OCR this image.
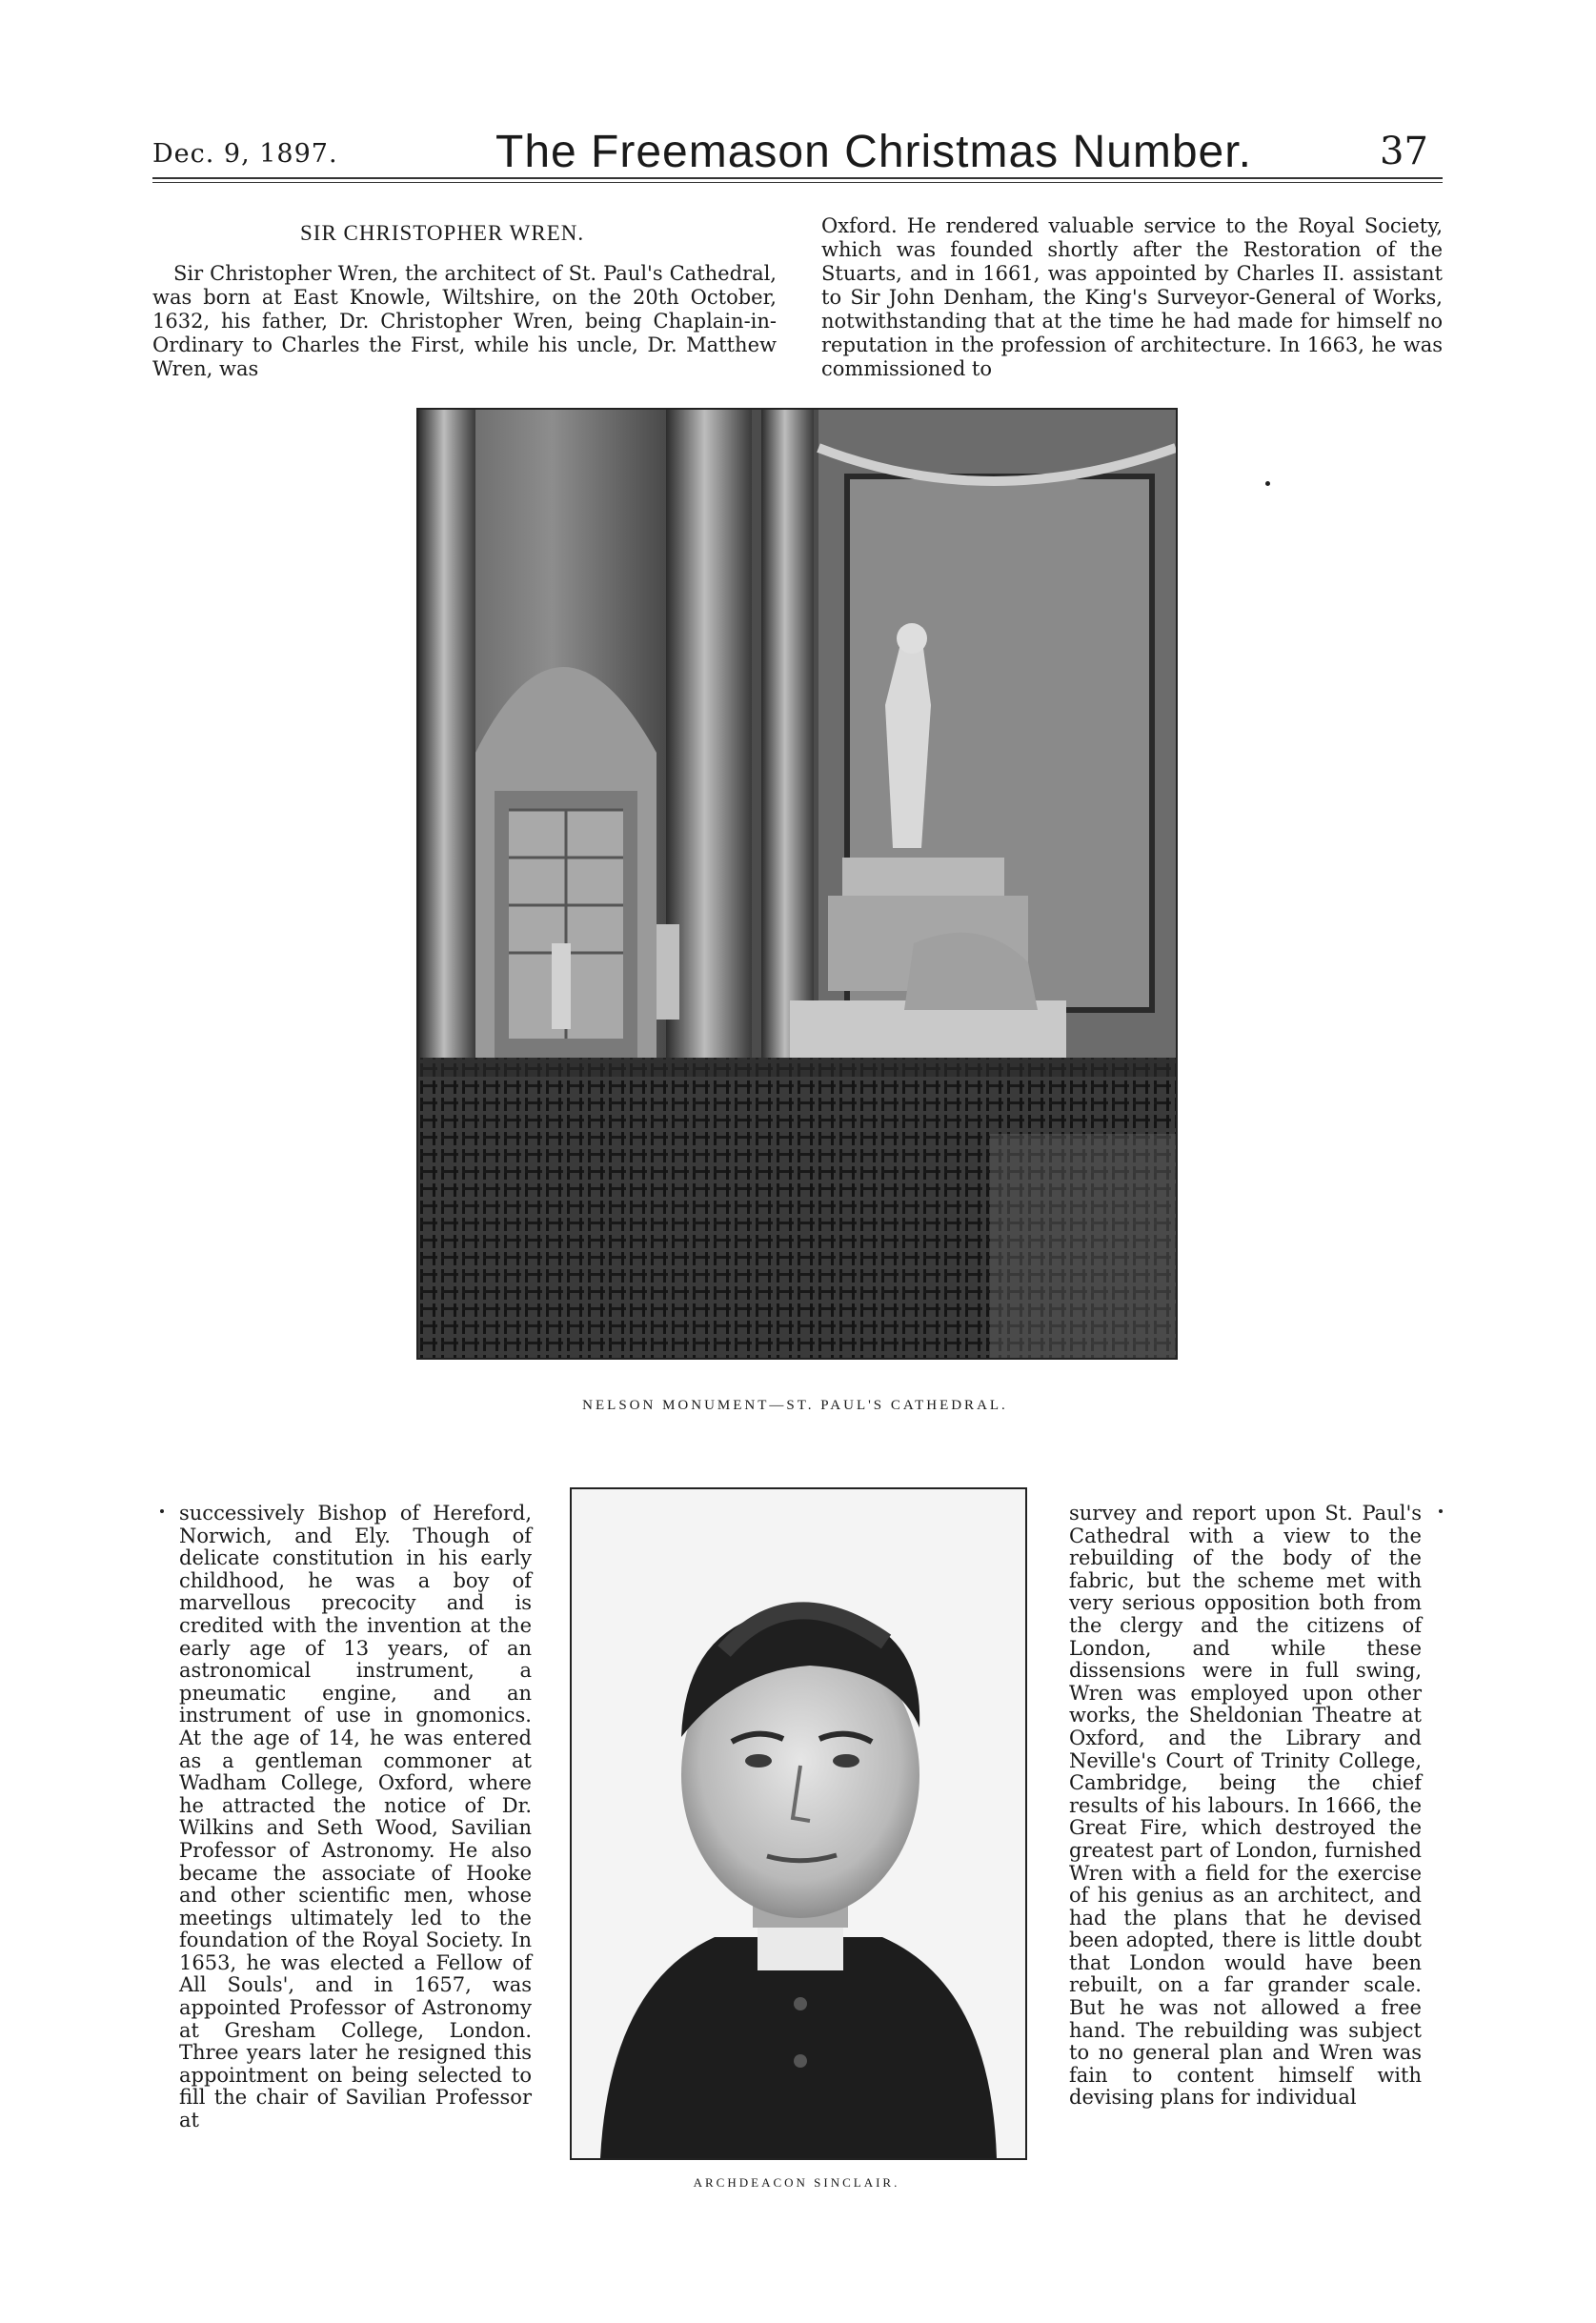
Dec. 9, 1897.	The Freemason Christmas Number.	37
SIR CHRISTOPHER WREN.

Sir Christopher Wren, the architect of St. Paul's Cathedral, was born at East Knowle, Wiltshire, on the 20th October, 1632, his father, Dr. Christopher Wren, being Chaplain-in-Ordinary to Charles the First, while his uncle, Dr. Matthew Wren, was

Oxford. He rendered valuable service to the Royal Society, which was founded shortly after the Restoration of the Stuarts, and in 1661, was appointed by Charles II. assistant to Sir John Denham, the King's Surveyor-General of Works, notwithstanding that at the time he had made for himself no reputation in the profession of architecture. In 1663, he was commissioned to

NELSON MONUMENT—ST. PAUL'S CATHEDRAL.

successively Bishop of Hereford, Norwich, and Ely. Though of delicate constitution in his early childhood, he was a boy of marvellous precocity and is credited with the invention at the early age of 13 years, of an astronomical instrument, a pneumatic engine, and an instrument of use in gnomonics. At the age of 14, he was entered as a gentleman commoner at Wadham College, Oxford, where he attracted the notice of Dr. Wilkins and Seth Wood, Savilian Professor of Astronomy. He also became the associate of Hooke and other scientific men, whose meetings ultimately led to the foundation of the Royal Society. In 1653, he was elected a Fellow of All Souls', and in 1657, was appointed Professor of Astronomy at Gresham College, London. Three years later he resigned this appointment on being selected to fill the chair of Savilian Professor at

ARCHDEACON SINCLAIR.

survey and report upon St. Paul's Cathedral with a view to the rebuilding of the body of the fabric, but the scheme met with very serious opposition both from the clergy and the citizens of London, and while these dissensions were in full swing, Wren was employed upon other works, the Sheldonian Theatre at Oxford, and the Library and Neville's Court of Trinity College, Cambridge, being the chief results of his labours. In 1666, the Great Fire, which destroyed the greatest part of London, furnished Wren with a field for the exercise of his genius as an architect, and had the plans that he devised been adopted, there is little doubt that London would have been rebuilt, on a far grander scale. But he was not allowed a free hand. The rebuilding was subject to no general plan and Wren was fain to content himself with devising plans for individual
